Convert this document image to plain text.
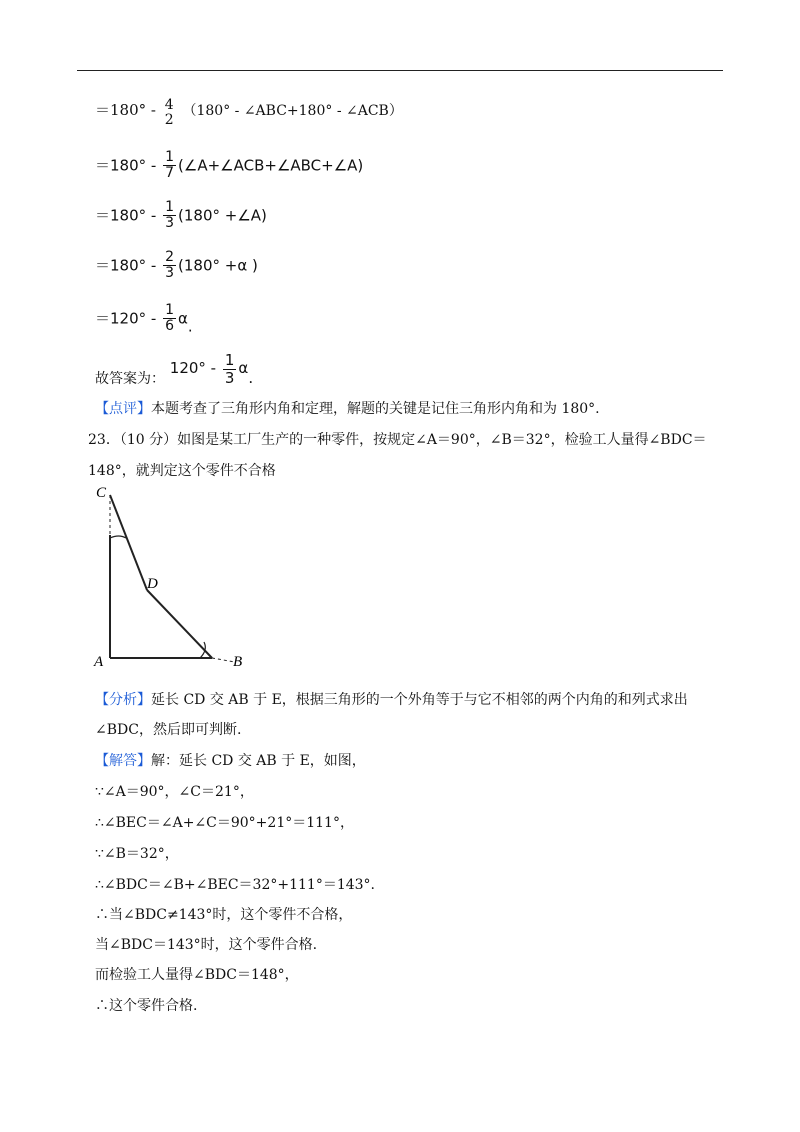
＝180° - 4
2
（180° - ∠ABC+180° - ∠ACB）
$=180^\circ - \frac{1}{7}$ (∠A+∠ACB+∠ABC+∠A)
$=180^\circ - \frac{1}{3} (180^\circ$ +∠A)
$=180^\circ - \frac{2}{3} (180^\circ +\alpha$ )
$=120^\circ - \frac{1}{6} \alpha$.
故答案为： $120^\circ - \frac{1}{3} \alpha$.
【点评】本题考查了三角形内角和定理，解题的关键是记住三角形内角和为 180°.
23．（10 分）如图是某工厂生产的一种零件，按规定∠A＝90°，∠B＝32°，检验工人量得∠BDC＝
148°，就判定这个零件不合格
C
D
A	B
【分析】延长 CD 交 AB 于 E，根据三角形的一个外角等于与它不相邻的两个内角的和列式求出
∠BDC，然后即可判断.
【解答】解：延长 CD 交 AB 于 E，如图，
∵∠A＝90°，∠C＝21°，
∴∠BEC＝∠A+∠C＝90°+21°＝111°，
∵∠B＝32°，
∴∠BDC＝∠B+∠BEC＝32°+111°＝143°.
∴当∠BDC≠143°时，这个零件不合格，
当∠BDC＝143°时，这个零件合格.
而检验工人量得∠BDC＝148°，
∴这个零件合格.
